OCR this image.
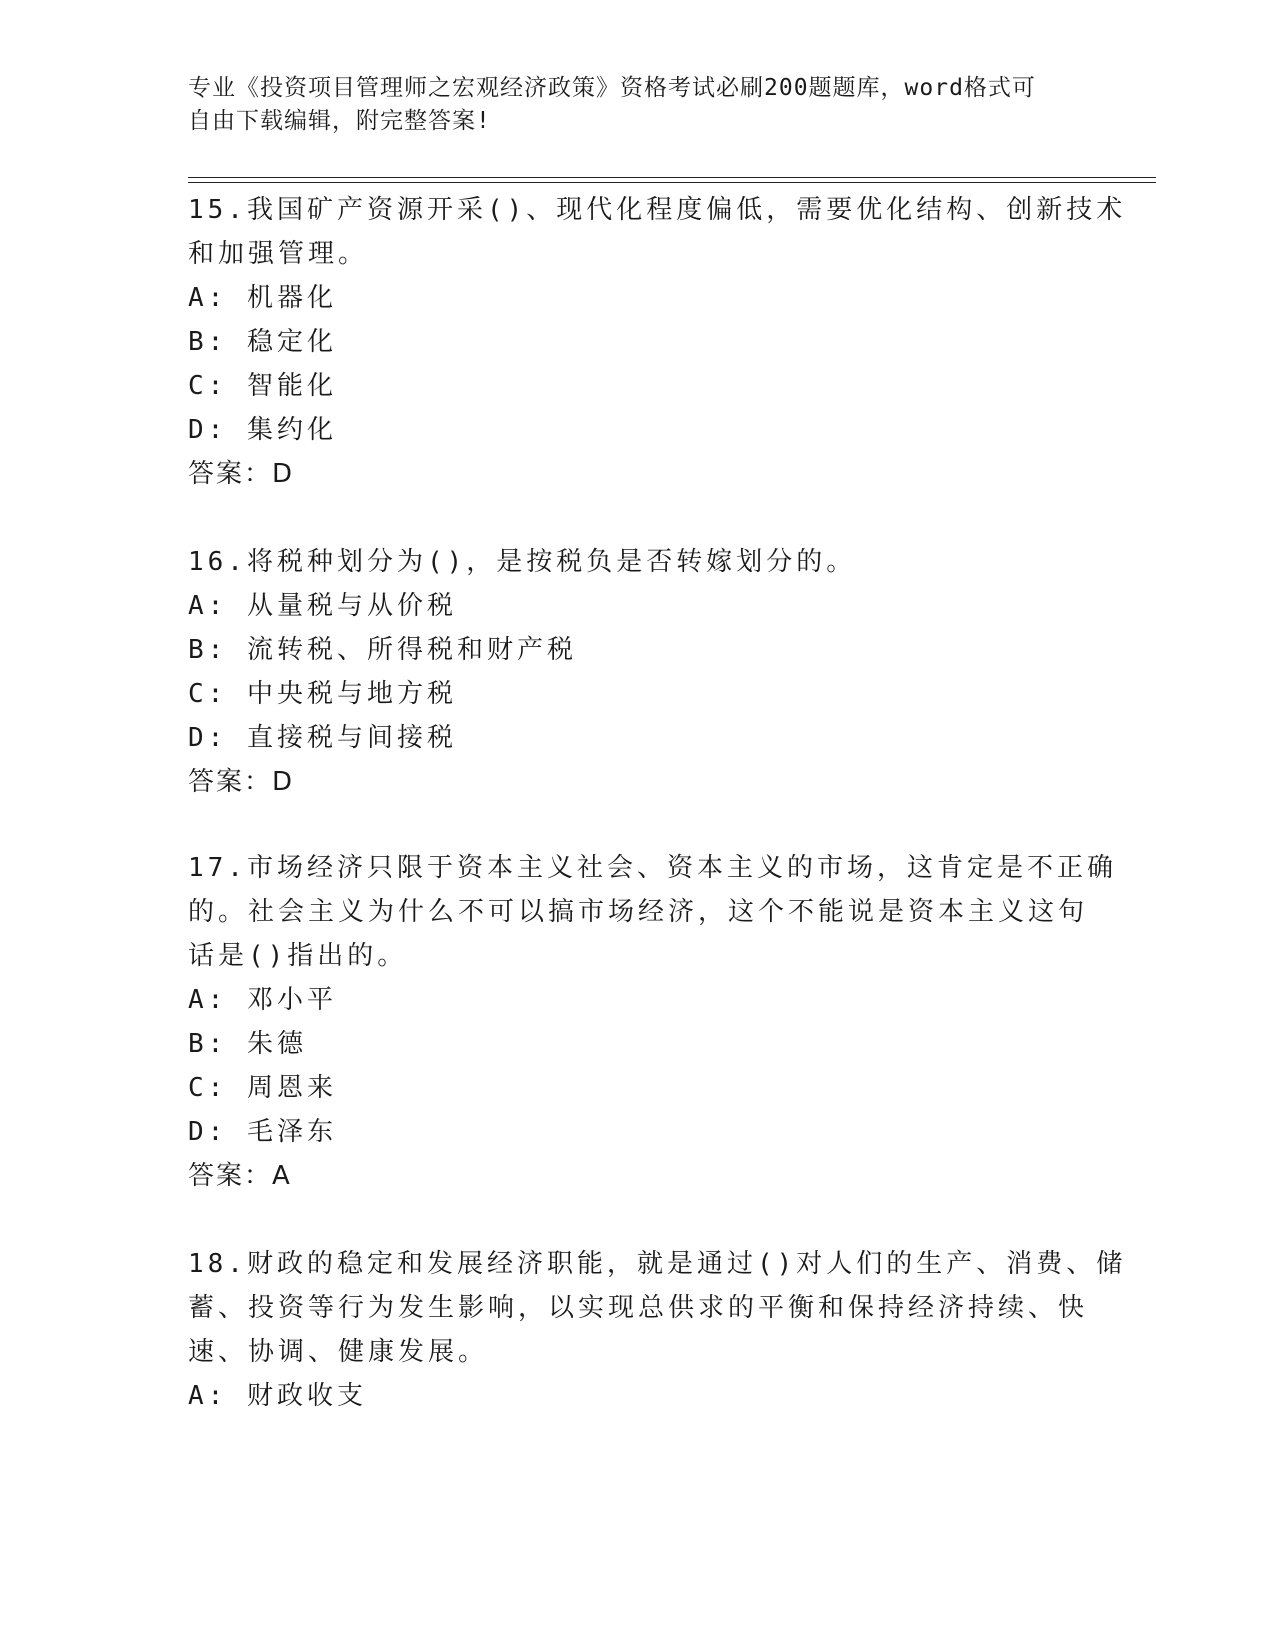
专业《投资项目管理师之宏观经济政策》资格考试必刷200题题库，word格式可
自由下载编辑，附完整答案!
15.我国矿产资源开采()、现代化程度偏低，需要优化结构、创新技术
和加强管理。
A: 机器化
B: 稳定化
C: 智能化
D: 集约化
答案：D
16.将税种划分为()，是按税负是否转嫁划分的。
A: 从量税与从价税
B: 流转税、所得税和财产税
C: 中央税与地方税
D: 直接税与间接税
答案：D
17.市场经济只限于资本主义社会、资本主义的市场，这肯定是不正确
的。社会主义为什么不可以搞市场经济，这个不能说是资本主义这句
话是()指出的。
A: 邓小平
B: 朱德
C: 周恩来
D: 毛泽东
答案：A
18.财政的稳定和发展经济职能，就是通过()对人们的生产、消费、储
蓄、投资等行为发生影响，以实现总供求的平衡和保持经济持续、快
速、协调、健康发展。
A: 财政收支
